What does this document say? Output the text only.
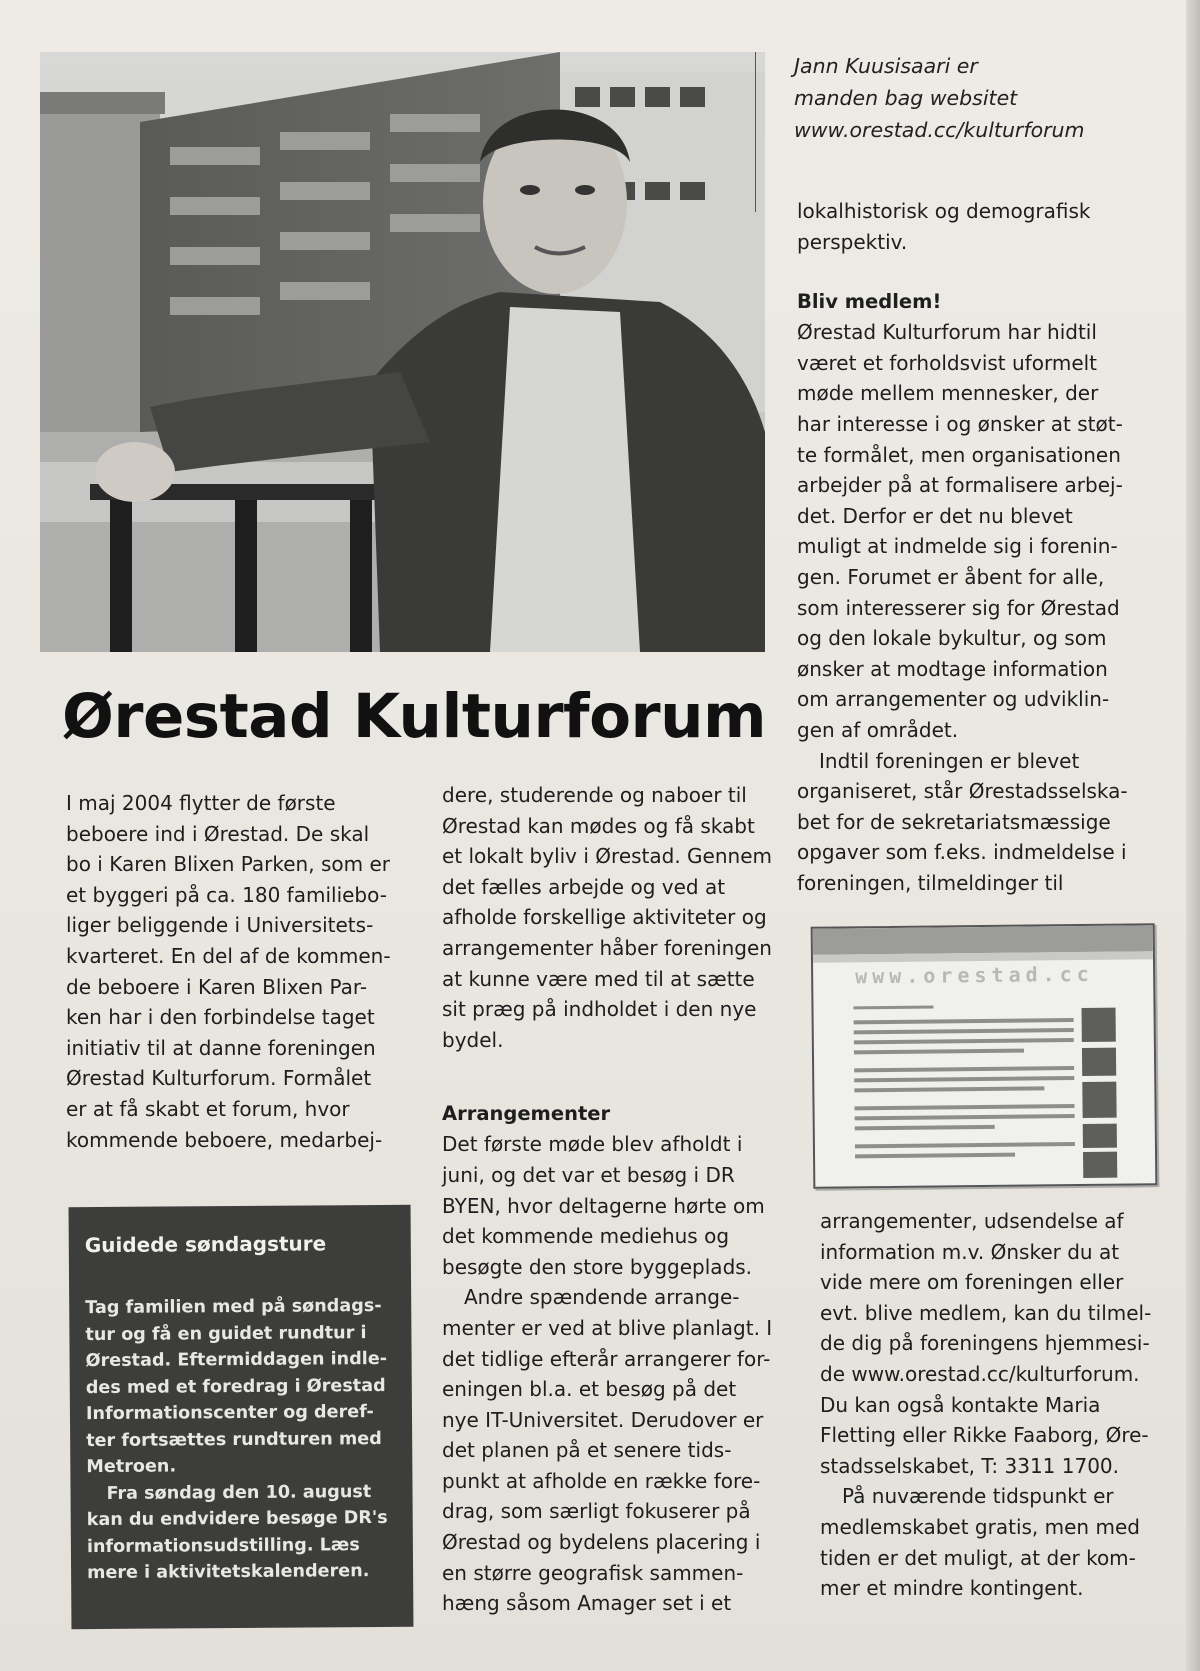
Jann Kuusisaari er
manden bag websitet
www.orestad.cc/kulturforum
Ørestad Kulturforum

I maj 2004 flytter de første
beboere ind i Ørestad. De skal
bo i Karen Blixen Parken, som er
et byggeri på ca. 180 familiebo-
liger beliggende i Universitets-
kvarteret. En del af de kommen-
de beboere i Karen Blixen Par-
ken har i den forbindelse taget
initiativ til at danne foreningen
Ørestad Kulturforum. Formålet
er at få skabt et forum, hvor
kommende beboere, medarbej-

dere, studerende og naboer til
Ørestad kan mødes og få skabt
et lokalt byliv i Ørestad. Gennem
det fælles arbejde og ved at
afholde forskellige aktiviteter og
arrangementer håber foreningen
at kunne være med til at sætte
sit præg på indholdet i den nye
bydel.

Arrangementer

Det første møde blev afholdt i
juni, og det var et besøg i DR
BYEN, hvor deltagerne hørte om
det kommende mediehus og
besøgte den store byggeplads.

Andre spændende arrange-
menter er ved at blive planlagt. I
det tidlige efterår arrangerer for-
eningen bl.a. et besøg på det
nye IT-Universitet. Derudover er
det planen på et senere tids-
punkt at afholde en række fore-
drag, som særligt fokuserer på
Ørestad og bydelens placering i
en større geografisk sammen-
hæng såsom Amager set i et

lokalhistorisk og demografisk
perspektiv.

Bliv medlem!

Ørestad Kulturforum har hidtil
været et forholdsvist uformelt
møde mellem mennesker, der
har interesse i og ønsker at støt-
te formålet, men organisationen
arbejder på at formalisere arbej-
det. Derfor er det nu blevet
muligt at indmelde sig i forenin-
gen. Forumet er åbent for alle,
som interesserer sig for Ørestad
og den lokale bykultur, og som
ønsker at modtage information
om arrangementer og udviklin-
gen af området.

Indtil foreningen er blevet
organiseret, står Ørestadsselska-
bet for de sekretariatsmæssige
opgaver som f.eks. indmeldelse i
foreningen, tilmeldinger til

www.orestad.cc

arrangementer, udsendelse af
information m.v. Ønsker du at
vide mere om foreningen eller
evt. blive medlem, kan du tilmel-
de dig på foreningens hjemmesi-
de www.orestad.cc/kulturforum.
Du kan også kontakte Maria
Fletting eller Rikke Faaborg, Øre-
stadsselskabet, T: 3311 1700.

På nuværende tidspunkt er
medlemskabet gratis, men med
tiden er det muligt, at der kom-
mer et mindre kontingent.

Guidede søndagsture
Tag familien med på søndags-
tur og få en guidet rundtur i
Ørestad. Eftermiddagen indle-
des med et foredrag i Ørestad
Informationscenter og deref-
ter fortsættes rundturen med
Metroen.
Fra søndag den 10. august
kan du endvidere besøge DR's
informationsudstilling. Læs
mere i aktivitetskalenderen.
